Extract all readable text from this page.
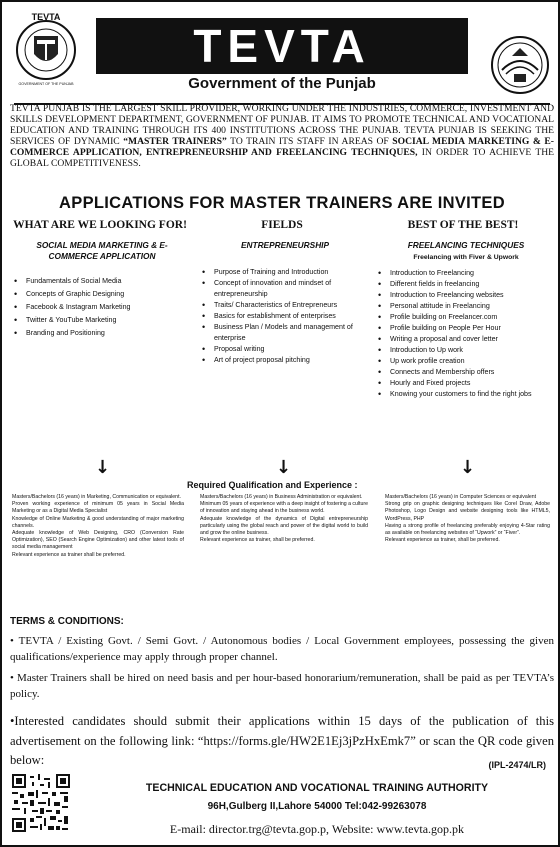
TEVTA
GOVERNMENT OF THE PUNJAB
TEVTA
Government of the Punjab
TEVTA PUNJAB IS THE LARGEST SKILL PROVIDER, WORKING UNDER THE INDUSTRIES, COMMERCE, INVESTMENT AND SKILLS DEVELOPMENT DEPARTMENT, GOVERNMENT OF PUNJAB. IT AIMS TO PROMOTE TECHNICAL AND VOCATIONAL EDUCATION AND TRAINING THROUGH ITS 400 INSTITUTIONS ACROSS THE PUNJAB. TEVTA PUNJAB IS SEEKING THE SERVICES OF DYNAMIC “MASTER TRAINERS” TO TRAIN ITS STAFF IN AREAS OF SOCIAL MEDIA MARKETING & E-COMMERCE APPLICATION, ENTREPRENEURSHIP AND FREELANCING TECHNIQUES, IN ORDER TO ACHIEVE THE GLOBAL COMPETITIVENESS.
APPLICATIONS FOR MASTER TRAINERS ARE INVITED
WHAT ARE WE LOOKING FOR!	FIELDS	BEST OF THE BEST!
SOCIAL MEDIA MARKETING & E-COMMERCE APPLICATION
• Fundamentals of Social Media
• Concepts of Graphic Designing
• Facebook & Instagram Marketing
• Twitter & YouTube Marketing
• Branding and Positioning
ENTREPRENEURSHIP
• Purpose of Training and Introduction
• Concept of innovation and mindset of entrepreneurship
• Traits/ Characteristics of Entrepreneurs
• Basics for establishment of enterprises
• Business Plan / Models and management of enterprise
• Proposal writing
• Art of project proposal pitching
FREELANCING TECHNIQUES
Freelancing with Fiver & Upwork
• Introduction to Freelancing
• Different fields in freelancing
• Introduction to Freelancing websites
• Personal attitude in Freelancing
• Profile building on Freelancer.com
• Profile building on People Per Hour
• Writing a proposal and cover letter
• Introduction to Up work
• Up work profile creation
• Connects and Membership offers
• Hourly and Fixed projects
• Knowing your customers to find the right jobs
↓	↓	↓
Required Qualification and Experience :

Masters/Bachelors (16 years) in Marketing, Communication or equivalent.

Proven working experience of minimum 05 years in Social Media Marketing or as a Digital Media Specialist

Knowledge of Online Marketing & good understanding of major marketing channels.

Adequate knowledge of Web Designing, CRO (Conversion Rate Optimization), SEO (Search Engine Optimization) and other latest tools of social media management

Relevant experience as trainer shall be preferred.

Masters/Bachelors (16 years) in Business Administration or equivalent.

Minimum 05 years of experience with a deep insight of fostering a culture of innovation and staying ahead in the business world.

Adequate knowledge of the dynamics of Digital entrepreneurship particularly using the global reach and power of the digital world to build and grow the online business.

Relevant experience as trainer, shall be preferred.

Masters/Bachelors (16 years) in Computer Sciences or equivalent

Strong grip on graphic designing techniques like Corel Draw, Adobe Photoshop, Logo Design and website designing tools like HTML5, WordPress, PHP

Having a strong profile of freelancing preferably enjoying 4-Star rating as available on freelancing websites of “Upwork” or “Fiver”.

Relevant experience as trainer, shall be preferred.

TERMS & CONDITIONS:
• TEVTA / Existing Govt. / Semi Govt. / Autonomous bodies / Local Government employees, possessing the given qualifications/experience may apply through proper channel.
• Master Trainers shall be hired on need basis and per hour-based honorarium/remuneration, shall be paid as per TEVTA’s policy.
•Interested candidates should submit their applications within 15 days of the publication of this advertisement on the following link: “https://forms.gle/HW2E1Ej3jPzHxEmk7” or scan the QR code given below:	(IPL-2474/LR)
TECHNICAL EDUCATION AND VOCATIONAL TRAINING AUTHORITY
96H,Gulberg II,Lahore 54000 Tel:042-99263078
E-mail: director.trg@tevta.gop.p, Website: www.tevta.gop.pk
